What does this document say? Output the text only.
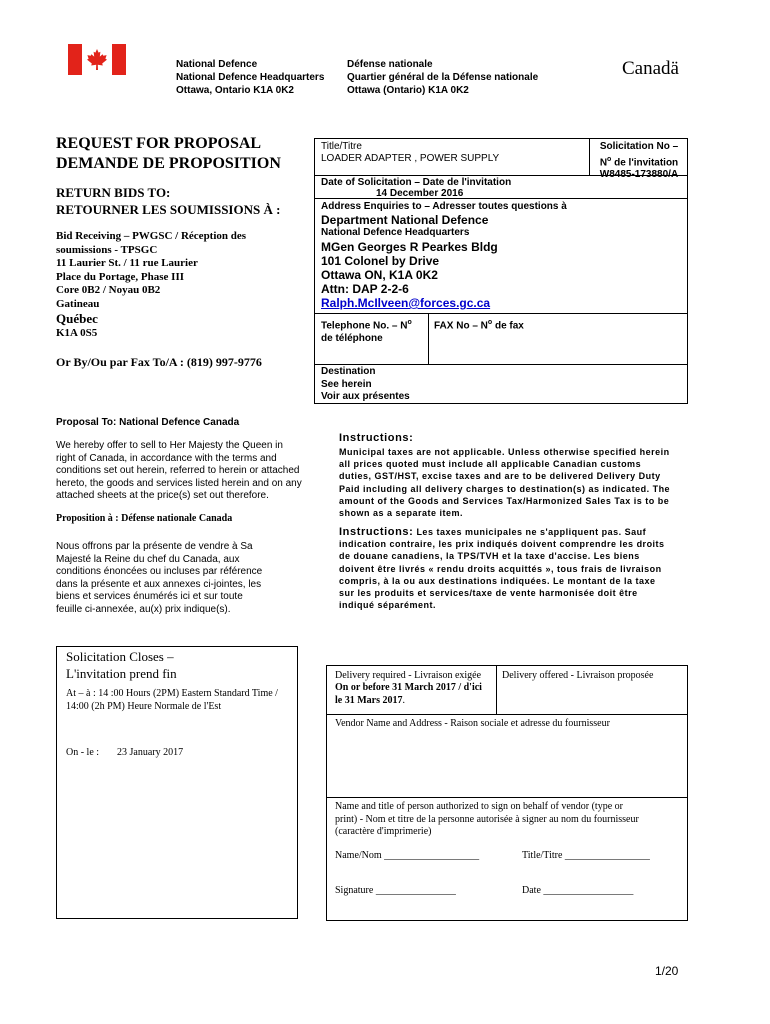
National Defence
National Defence Headquarters
Ottawa, Ontario K1A 0K2
Défense nationale
Quartier général de la Défense nationale
Ottawa (Ontario) K1A 0K2
Canadä
REQUEST FOR PROPOSAL
DEMANDE DE PROPOSITION
RETURN BIDS TO:
RETOURNER LES SOUMISSIONS À :
Bid Receiving – PWGSC / Réception des
soumissions - TPSGC
11 Laurier St. / 11 rue Laurier
Place du Portage, Phase III
Core 0B2 / Noyau 0B2
Gatineau
Québec
K1A 0S5
Or By/Ou par Fax To/A : (819) 997-9776
Proposal To: National Defence Canada
We hereby offer to sell to Her Majesty the Queen in
right of Canada, in accordance with the terms and
conditions set out herein, referred to herein or attached
hereto, the goods and services listed herein and on any
attached sheets at the price(s) set out therefore.
Proposition à : Défense nationale Canada
Nous offrons par la présente de vendre à Sa
Majesté la Reine du chef du Canada, aux
conditions énoncées ou incluses par référence
dans la présente et aux annexes ci-jointes, les
biens et services énumérés ici et sur toute
feuille ci-annexée, au(x) prix indique(s).
Title/Titre
LOADER ADAPTER , POWER SUPPLY
Solicitation No –
$N^o$ de l'invitation
W8485-173880/A
Date of Solicitation – Date de l'invitation
14 December 2016
Address Enquiries to – Adresser toutes questions à
Department National Defence
National Defence Headquarters
MGen Georges R Pearkes Bldg
101 Colonel by Drive
Ottawa ON, K1A 0K2
Attn: DAP 2-2-6
Ralph.McIlveen@forces.gc.ca
Telephone No. – $N^o$
de téléphone
FAX No – $N^o$ de fax
Destination
See herein
Voir aux présentes
Instructions:
Municipal taxes are not applicable. Unless otherwise specified herein
all prices quoted must include all applicable Canadian customs
duties, GST/HST, excise taxes and are to be delivered Delivery Duty
Paid including all delivery charges to destination(s) as indicated. The
amount of the Goods and Services Tax/Harmonized Sales Tax is to be
shown as a separate item.
Instructions: Les taxes municipales ne s'appliquent pas. Sauf
indication contraire, les prix indiqués doivent comprendre les droits
de douane canadiens, la TPS/TVH et la taxe d'accise. Les biens
doivent être livrés « rendu droits acquittés », tous frais de livraison
compris, à la ou aux destinations indiquées. Le montant de la taxe
sur les produits et services/taxe de vente harmonisée doit être
indiqué séparément.
Solicitation Closes –
L'invitation prend fin
At – à : 14 :00 Hours (2PM) Eastern Standard Time /
14:00 (2h PM) Heure Normale de l'Est
On - le : 23 January 2017
Delivery required - Livraison exigée
On or before 31 March 2017 / d'ici
le 31 Mars 2017.
Delivery offered - Livraison proposée
Vendor Name and Address - Raison sociale et adresse du fournisseur
Name and title of person authorized to sign on behalf of vendor (type or
print) - Nom et titre de la personne autorisée à signer au nom du fournisseur
(caractère d'imprimerie)
Name/Nom ___________________	Title/Titre _________________
Signature ________________	Date __________________
1/20
